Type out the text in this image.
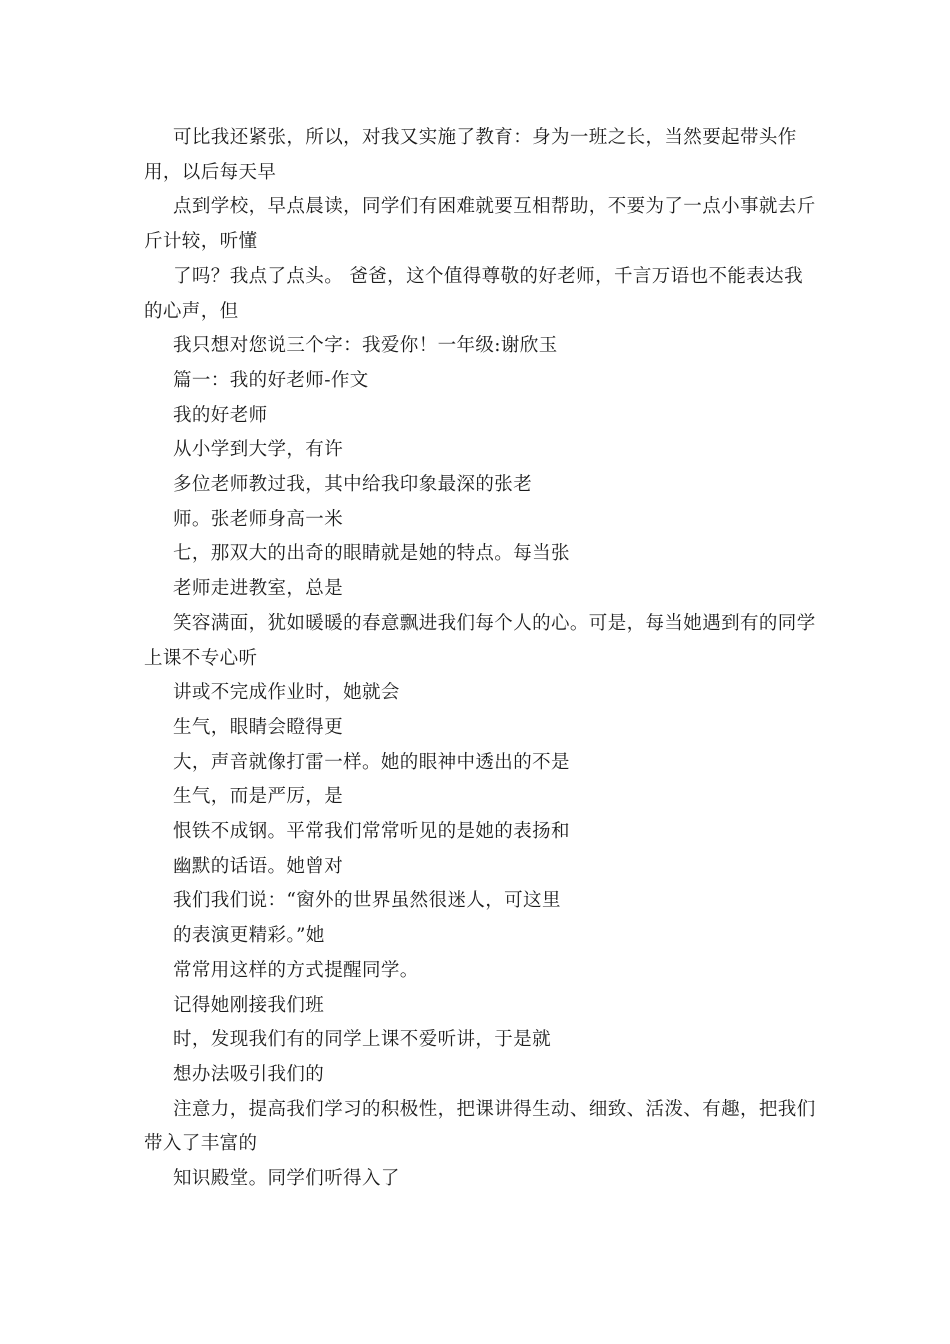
可比我还紧张，所以，对我又实施了教育：身为一班之长，当然要起带头作用，以后每天早

点到学校，早点晨读，同学们有困难就要互相帮助，不要为了一点小事就去斤斤计较，听懂

了吗？我点了点头。 爸爸，这个值得尊敬的好老师，千言万语也不能表达我的心声，但

我只想对您说三个字：我爱你！一年级:谢欣玉

篇一：我的好老师-作文

我的好老师

从小学到大学，有许

多位老师教过我，其中给我印象最深的张老

师。张老师身高一米

七，那双大的出奇的眼睛就是她的特点。每当张

老师走进教室，总是

笑容满面，犹如暖暖的春意飘进我们每个人的心。可是，每当她遇到有的同学上课不专心听

讲或不完成作业时，她就会

生气，眼睛会瞪得更

大，声音就像打雷一样。她的眼神中透出的不是

生气，而是严厉，是

恨铁不成钢。平常我们常常听见的是她的表扬和

幽默的话语。她曾对

我们我们说：“窗外的世界虽然很迷人，可这里

的表演更精彩。”她

常常用这样的方式提醒同学。

记得她刚接我们班

时，发现我们有的同学上课不爱听讲，于是就

想办法吸引我们的

注意力，提高我们学习的积极性，把课讲得生动、细致、活泼、有趣，把我们带入了丰富的

知识殿堂。同学们听得入了
